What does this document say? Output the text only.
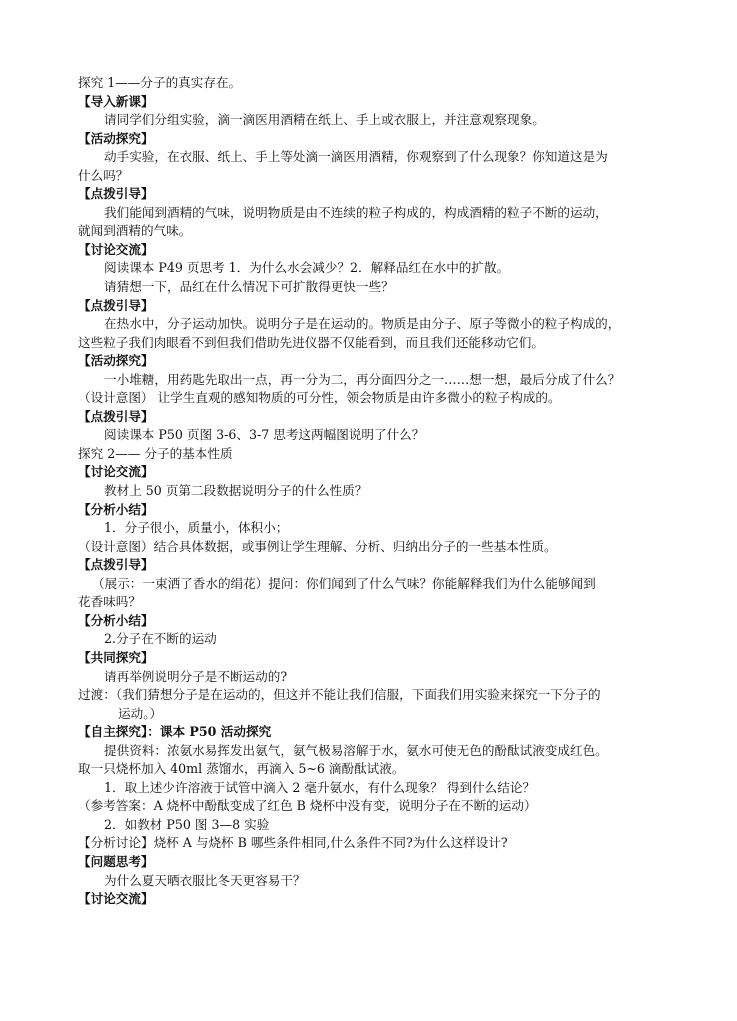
探究 1——分子的真实存在。
【导入新课】
请同学们分组实验，滴一滴医用酒精在纸上、手上或衣服上，并注意观察现象。
【活动探究】
动手实验，在衣服、纸上、手上等处滴一滴医用酒精，你观察到了什么现象？你知道这是为
什么吗？
【点拨引导】
我们能闻到酒精的气味，说明物质是由不连续的粒子构成的，构成酒精的粒子不断的运动，
就闻到酒精的气味。
【讨论交流】
阅读课本 P49 页思考 1．为什么水会减少？2．解释品红在水中的扩散。
请猜想一下，品红在什么情况下可扩散得更快一些？
【点拨引导】
在热水中，分子运动加快。说明分子是在运动的。物质是由分子、原子等微小的粒子构成的，
这些粒子我们肉眼看不到但我们借助先进仪器不仅能看到，而且我们还能移动它们。
【活动探究】
一小堆糖，用药匙先取出一点，再一分为二，再分面四分之一……想一想，最后分成了什么？
（设计意图） 让学生直观的感知物质的可分性，领会物质是由许多微小的粒子构成的。
【点拨引导】
阅读课本 P50 页图 3-6、3-7 思考这两幅图说明了什么？
探究 2—— 分子的基本性质
【讨论交流】
教材上 50 页第二段数据说明分子的什么性质？
【分析小结】
1．分子很小，质量小，体积小；
（设计意图）结合具体数据，或事例让学生理解、分析、归纳出分子的一些基本性质。
【点拨引导】
（展示：一束洒了香水的绢花）提问：你们闻到了什么气味？你能解释我们为什么能够闻到
花香味吗？
【分析小结】
2.分子在不断的运动
【共同探究】
请再举例说明分子是不断运动的?
过渡：（我们猜想分子是在运动的，但这并不能让我们信服，下面我们用实验来探究一下分子的
运动。）
【自主探究】：课本 P50 活动探究
提供资料：浓氨水易挥发出氨气，氨气极易溶解于水，氨水可使无色的酚酞试液变成红色。
取一只烧杯加入 40ml 蒸馏水，再滴入 5~6 滴酚酞试液。
1．取上述少许溶液于试管中滴入 2 毫升氨水，有什么现象？ 得到什么结论？
（参考答案：A 烧杯中酚酞变成了红色 B 烧杯中没有变，说明分子在不断的运动）
2．如教材 P50 图 3—8 实验
【分析讨论】烧杯 A 与烧杯 B 哪些条件相同,什么条件不同?为什么这样设计?
【问题思考】
为什么夏天晒衣服比冬天更容易干？
【讨论交流】
